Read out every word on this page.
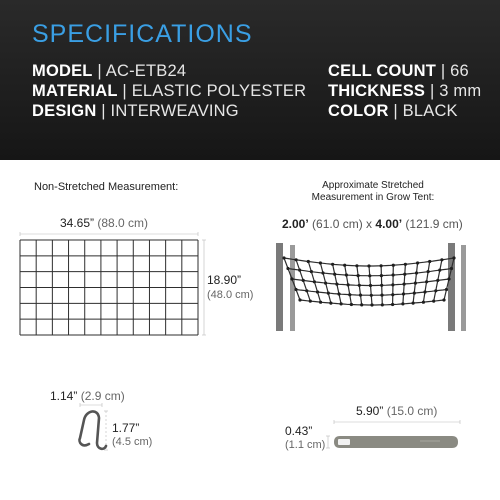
SPECIFICATIONS
MODEL | AC-ETB24
MATERIAL | ELASTIC POLYESTER
DESIGN | INTERWEAVING
CELL COUNT | 66
THICKNESS | 3 mm
COLOR | BLACK
Non-Stretched Measurement:
34.65” (88.0 cm)
18.90”
(48.0 cm)
Approximate Stretched
Measurement in Grow Tent:
2.00’ (61.0 cm) x 4.00’ (121.9 cm)
1.14” (2.9 cm)
1.77”
(4.5 cm)
5.90” (15.0 cm)
0.43”
(1.1 cm)
